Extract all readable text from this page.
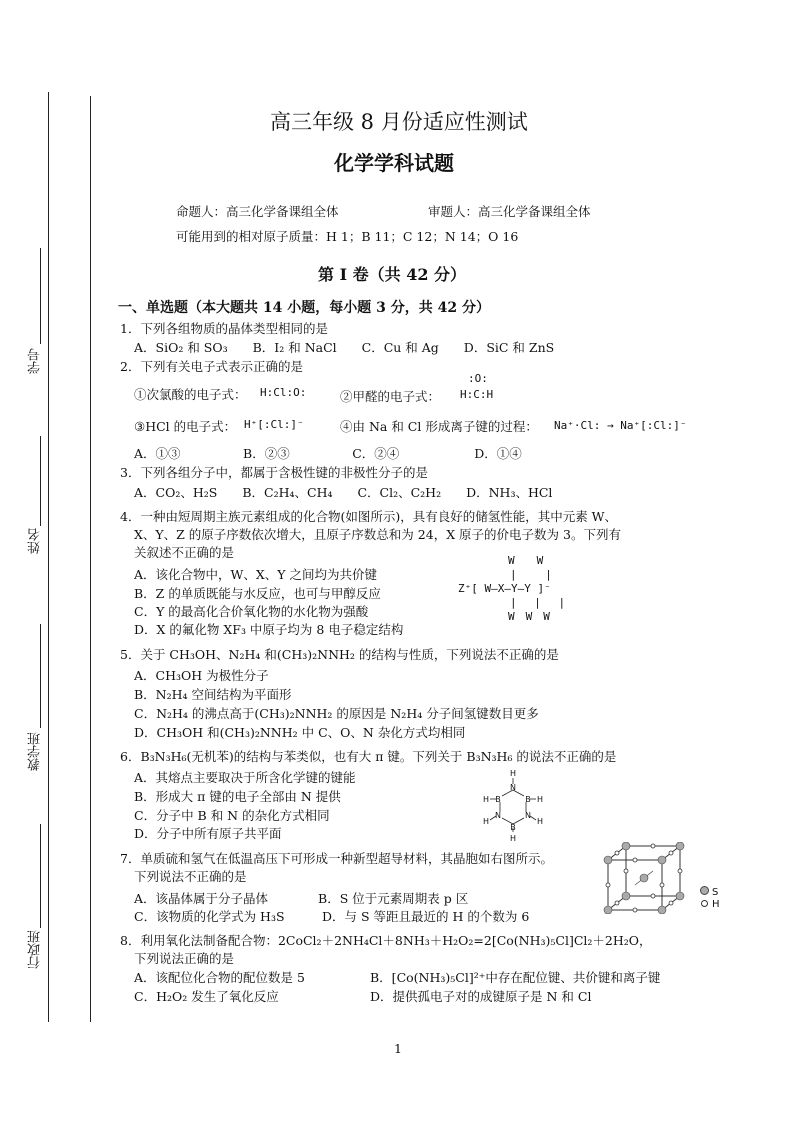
学号
姓名
教学班
行政班
高三年级 8 月份适应性测试
化学学科试题
命题人：高三化学备课组全体	审题人：高三化学备课组全体
可能用到的相对原子质量：H 1；B 11；C 12；N 14；O 16
第 I 卷（共 42 分）
一、单选题（本大题共 14 小题，每小题 3 分，共 42 分）
1．下列各组物质的晶体类型相同的是
A．SiO₂ 和 SO₃　　B．I₂ 和 NaCl　　C．Cu 和 Ag　　D．SiC 和 ZnS
2．下列有关电子式表示正确的是
①次氯酸的电子式： H:Cl:O:	②甲醛的电子式：
:O:
H:C:H
③HCl 的电子式： H⁺[:Cl:]⁻	④由 Na 和 Cl 形成离子键的过程： Na⁺·Cl: → Na⁺[:Cl:]⁻
A．①③　　　　　B．②③　　　　　C．②④　　　　　　D．①④
3．下列各组分子中，都属于含极性键的非极性分子的是
A．CO₂、H₂S　　B．C₂H₄、CH₄　　C．Cl₂、C₂H₂　　D．NH₃、HCl
4．一种由短周期主族元素组成的化合物(如图所示)，具有良好的储氢性能，其中元素 W、
X、Y、Z 的原子序数依次增大，且原子序数总和为 24，X 原子的价电子数为 3。下列有
关叙述不正确的是
A．该化合物中，W、X、Y 之间均为共价键
B．Z 的单质既能与水反应，也可与甲醇反应
C．Y 的最高化合价氧化物的水化物为强酸
D．X 的氟化物 XF₃ 中原子均为 8 电子稳定结构
W　　W
|　　 |
Z⁺[ W—X—Y—Y ]⁻
|　 |　 |
W　W　W
5．关于 CH₃OH、N₂H₄ 和(CH₃)₂NNH₂ 的结构与性质，下列说法不正确的是
A．CH₃OH 为极性分子
B．N₂H₄ 空间结构为平面形
C．N₂H₄ 的沸点高于(CH₃)₂NNH₂ 的原因是 N₂H₄ 分子间氢键数目更多
D．CH₃OH 和(CH₃)₂NNH₂ 中 C、O、N 杂化方式均相同
6．B₃N₃H₆(无机苯)的结构与苯类似，也有大 π 键。下列关于 B₃N₃H₆ 的说法不正确的是
A．其熔点主要取决于所含化学键的键能
B．形成大 π 键的电子全部由 N 提供
C．分子中 B 和 N 的杂化方式相同
D．分子中所有原子共平面
H
N
B	B
H	H
N	N
H
B
H
H
7．单质硫和氢气在低温高压下可形成一种新型超导材料，其晶胞如右图所示。
下列说法不正确的是
A．该晶体属于分子晶体　　　　B．S 位于元素周期表 p 区
C．该物质的化学式为 H₃S　　　D．与 S 等距且最近的 H 的个数为 6
S
H
8．利用氧化法制备配合物：2CoCl₂＋2NH₄Cl＋8NH₃＋H₂O₂=2[Co(NH₃)₅Cl]Cl₂＋2H₂O，
下列说法正确的是
A．该配位化合物的配位数是 5	B．[Co(NH₃)₅Cl]²⁺中存在配位键、共价键和离子键
C．H₂O₂ 发生了氧化反应	D．提供孤电子对的成键原子是 N 和 Cl
1
